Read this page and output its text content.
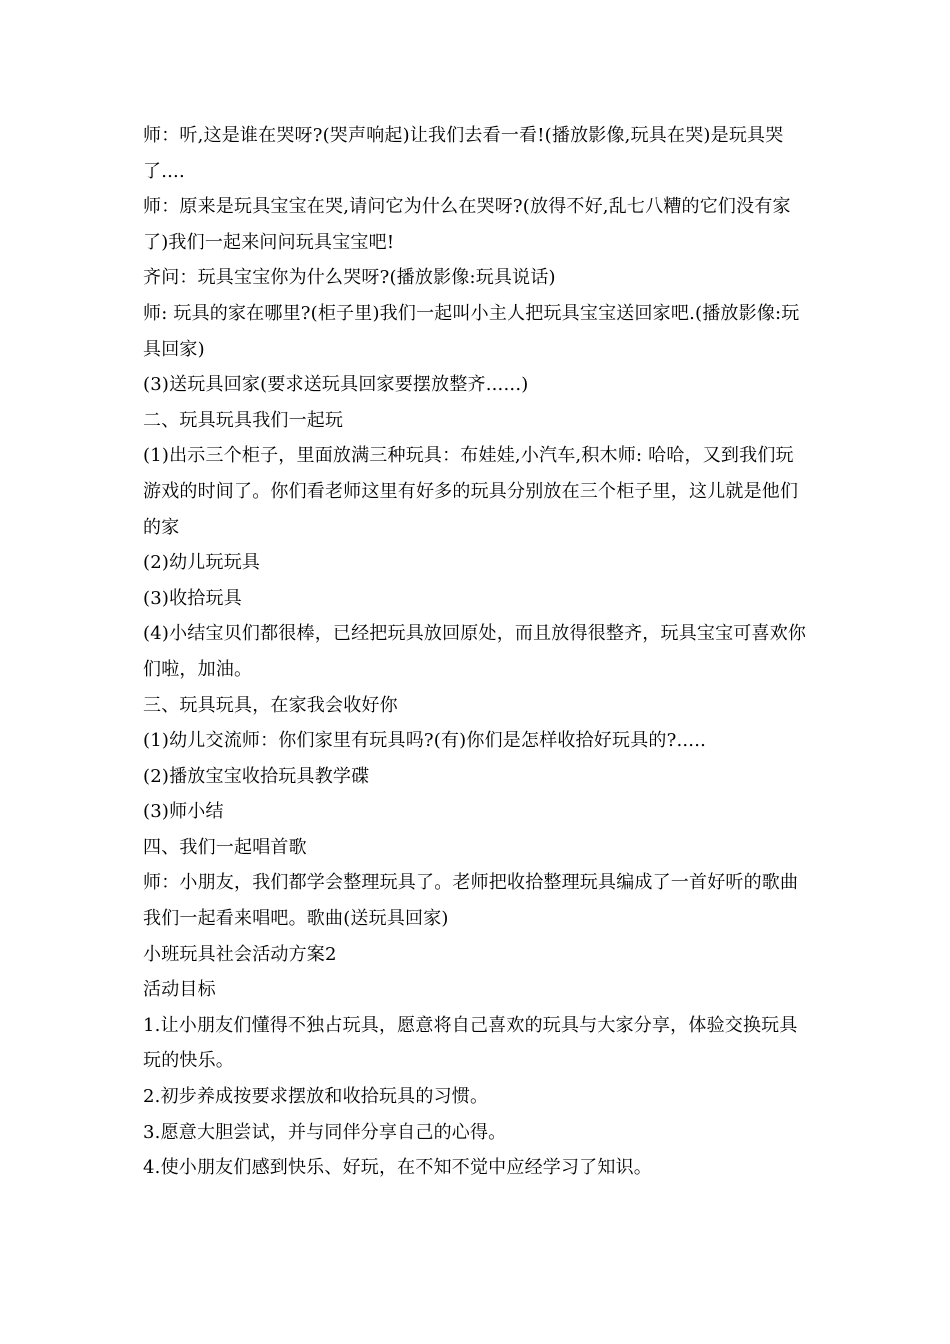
师：听,这是谁在哭呀?(哭声响起)让我们去看一看!(播放影像,玩具在哭)是玩具哭了....

师：原来是玩具宝宝在哭,请问它为什么在哭呀?(放得不好,乱七八糟的它们没有家了)我们一起来问问玩具宝宝吧!

齐问：玩具宝宝你为什么哭呀?(播放影像:玩具说话)

师: 玩具的家在哪里?(柜子里)我们一起叫小主人把玩具宝宝送回家吧.(播放影像:玩具回家)

(3)送玩具回家(要求送玩具回家要摆放整齐......)

二、玩具玩具我们一起玩

(1)出示三个柜子，里面放满三种玩具：布娃娃,小汽车,积木师: 哈哈，又到我们玩游戏的时间了。你们看老师这里有好多的玩具分别放在三个柜子里，这儿就是他们的家

(2)幼儿玩玩具

(3)收拾玩具

(4)小结宝贝们都很棒，已经把玩具放回原处，而且放得很整齐，玩具宝宝可喜欢你们啦，加油。

三、玩具玩具，在家我会收好你

(1)幼儿交流师：你们家里有玩具吗?(有)你们是怎样收拾好玩具的?.....

(2)播放宝宝收拾玩具教学碟

(3)师小结

四、我们一起唱首歌

师：小朋友，我们都学会整理玩具了。老师把收拾整理玩具编成了一首好听的歌曲我们一起看来唱吧。歌曲(送玩具回家)

小班玩具社会活动方案2

活动目标

1.让小朋友们懂得不独占玩具，愿意将自己喜欢的玩具与大家分享，体验交换玩具玩的快乐。

2.初步养成按要求摆放和收拾玩具的习惯。

3.愿意大胆尝试，并与同伴分享自己的心得。

4.使小朋友们感到快乐、好玩，在不知不觉中应经学习了知识。
